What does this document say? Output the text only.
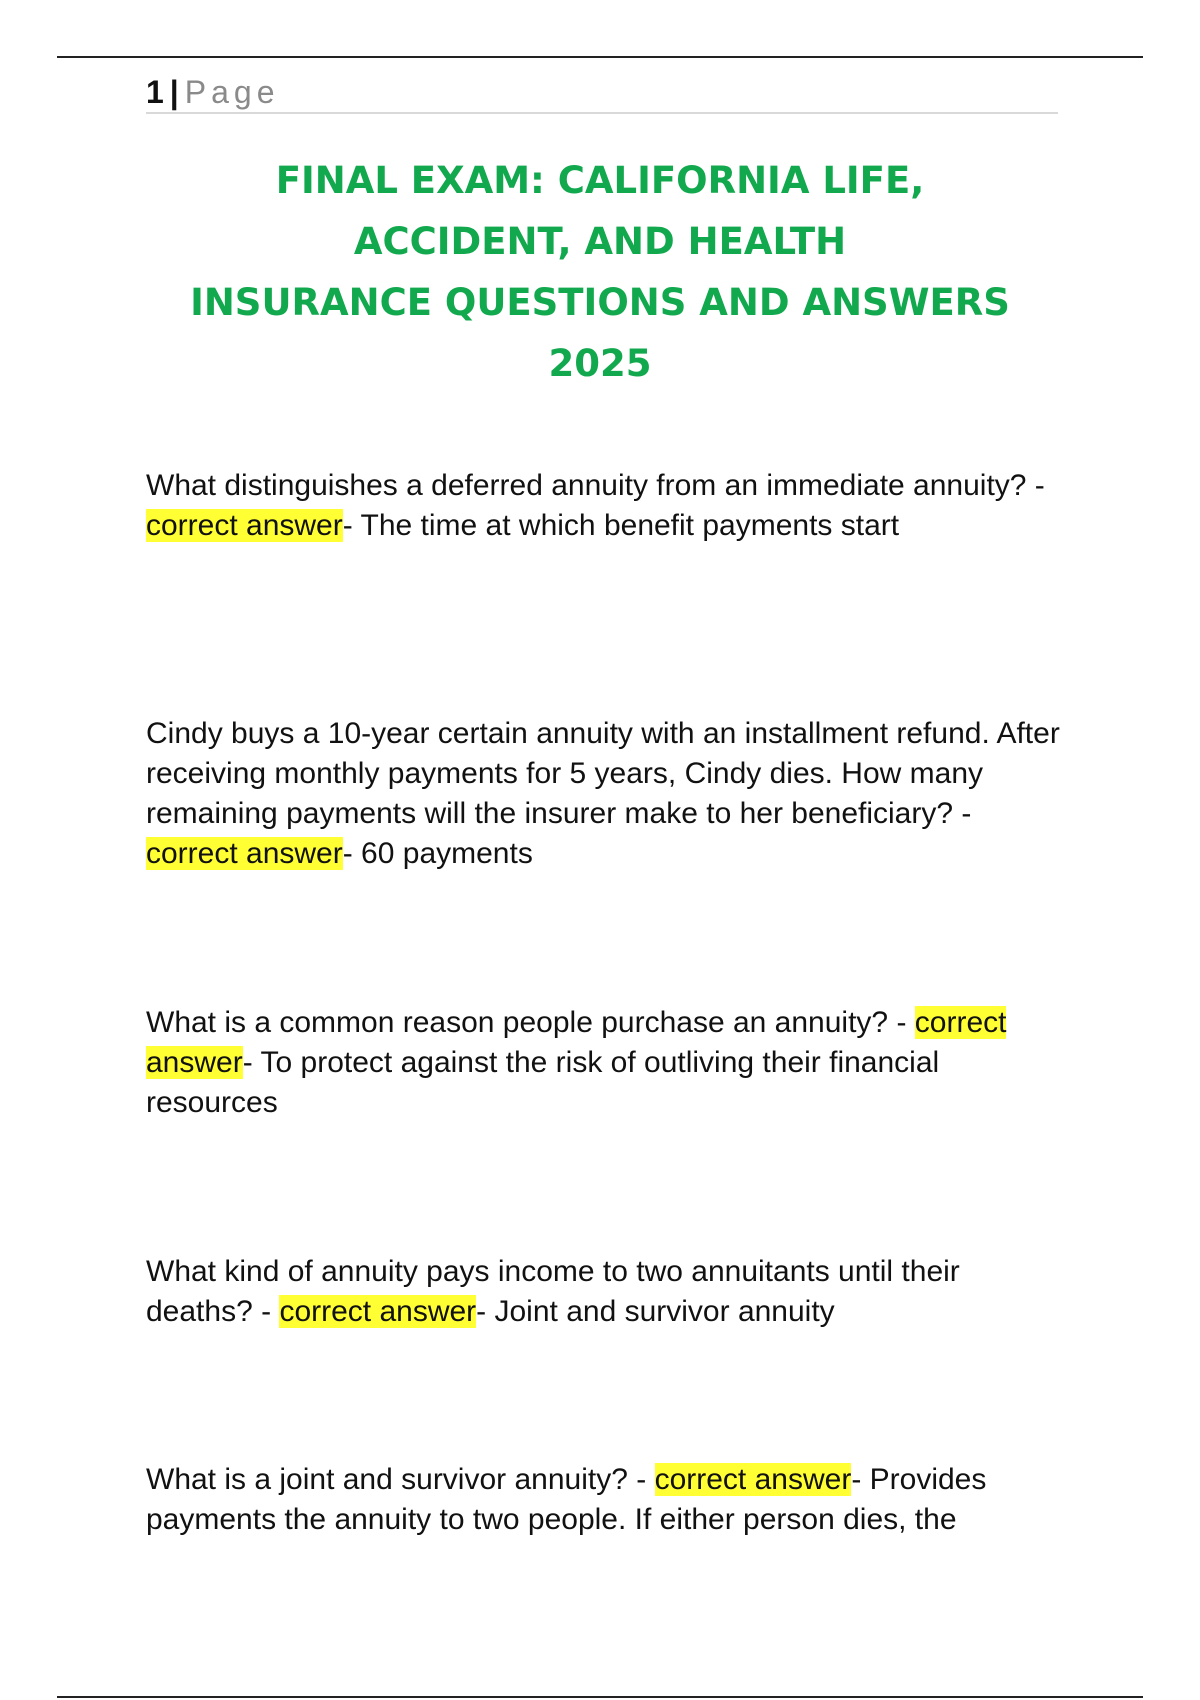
1 | Page
FINAL EXAM: CALIFORNIA LIFE,
ACCIDENT, AND HEALTH
INSURANCE QUESTIONS AND ANSWERS
2025

What distinguishes a deferred annuity from an immediate annuity? - correct answer- The time at which benefit payments start

Cindy buys a 10-year certain annuity with an installment refund. After receiving monthly payments for 5 years, Cindy dies. How many remaining payments will the insurer make to her beneficiary? - correct answer- 60 payments

What is a common reason people purchase an annuity? - correct answer- To protect against the risk of outliving their financial resources

What kind of annuity pays income to two annuitants until their deaths? - correct answer- Joint and survivor annuity

What is a joint and survivor annuity? - correct answer- Provides payments the annuity to two people. If either person dies, the
